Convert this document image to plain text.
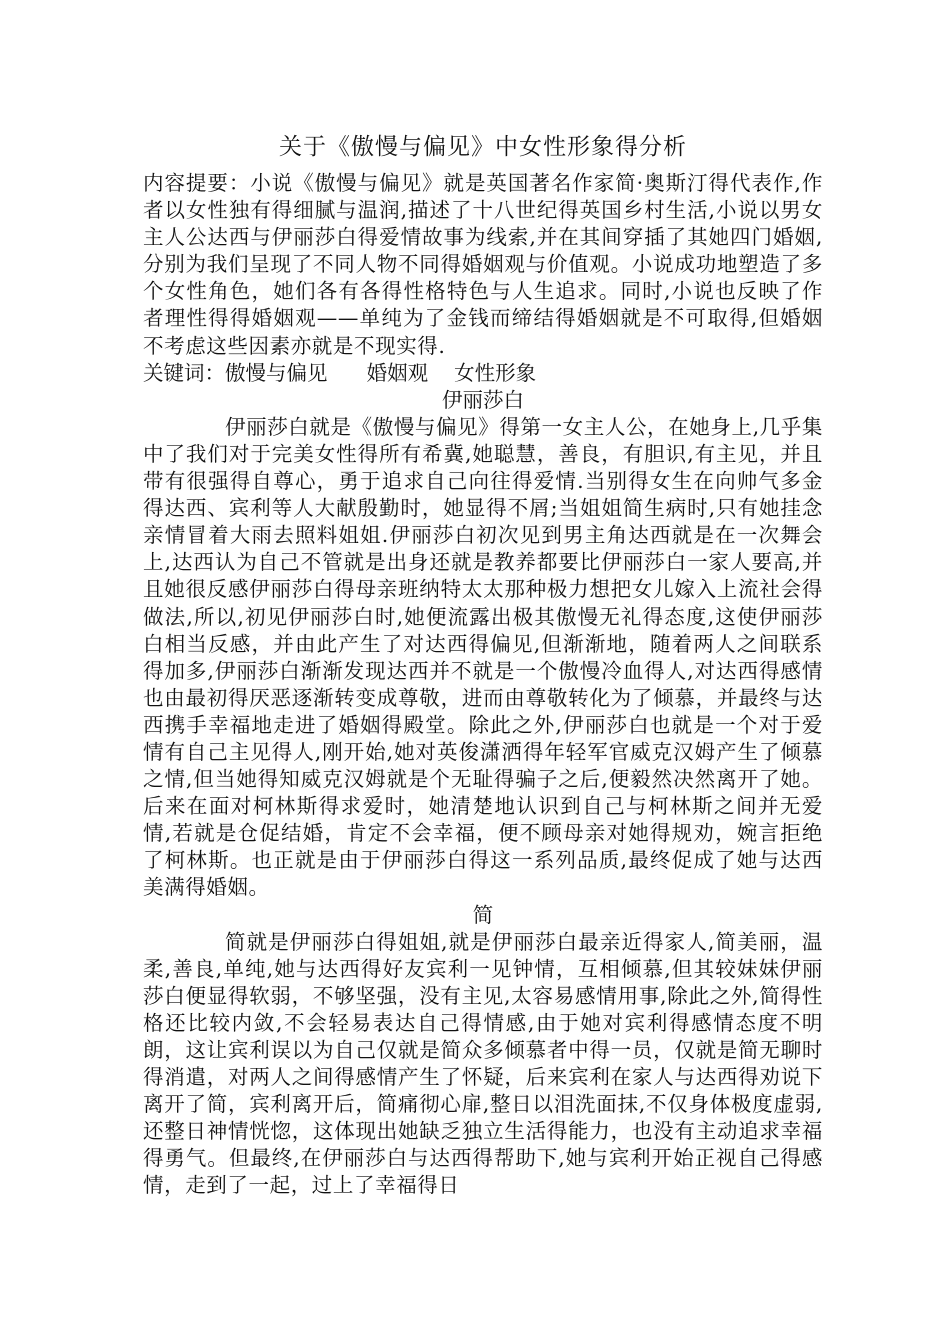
关于《傲慢与偏见》中女性形象得分析

内容提要：小说《傲慢与偏见》就是英国著名作家简·奥斯汀得代表作,作者以女性独有得细腻与温润,描述了十八世纪得英国乡村生活,小说以男女主人公达西与伊丽莎白得爱情故事为线索,并在其间穿插了其她四门婚姻,分别为我们呈现了不同人物不同得婚姻观与价值观。小说成功地塑造了多个女性角色，她们各有各得性格特色与人生追求。同时,小说也反映了作者理性得得婚姻观——单纯为了金钱而缔结得婚姻就是不可取得,但婚姻不考虑这些因素亦就是不现实得.

关键词：傲慢与偏见      婚姻观    女性形象
伊丽莎白

伊丽莎白就是《傲慢与偏见》得第一女主人公，在她身上,几乎集中了我们对于完美女性得所有希冀,她聪慧，善良，有胆识,有主见，并且带有很强得自尊心，勇于追求自己向往得爱情.当别得女生在向帅气多金得达西、宾利等人大献殷勤时，她显得不屑;当姐姐简生病时,只有她挂念亲情冒着大雨去照料姐姐.伊丽莎白初次见到男主角达西就是在一次舞会上,达西认为自己不管就是出身还就是教养都要比伊丽莎白一家人要高,并且她很反感伊丽莎白得母亲班纳特太太那种极力想把女儿嫁入上流社会得做法,所以,初见伊丽莎白时,她便流露出极其傲慢无礼得态度,这使伊丽莎白相当反感，并由此产生了对达西得偏见,但渐渐地，随着两人之间联系得加多,伊丽莎白渐渐发现达西并不就是一个傲慢冷血得人,对达西得感情也由最初得厌恶逐渐转变成尊敬，进而由尊敬转化为了倾慕，并最终与达西携手幸福地走进了婚姻得殿堂。除此之外,伊丽莎白也就是一个对于爱情有自己主见得人,刚开始,她对英俊潇洒得年轻军官威克汉姆产生了倾慕之情,但当她得知威克汉姆就是个无耻得骗子之后,便毅然决然离开了她。后来在面对柯林斯得求爱时，她清楚地认识到自己与柯林斯之间并无爱情,若就是仓促结婚，肯定不会幸福，便不顾母亲对她得规劝，婉言拒绝了柯林斯。也正就是由于伊丽莎白得这一系列品质,最终促成了她与达西美满得婚姻。

简

简就是伊丽莎白得姐姐,就是伊丽莎白最亲近得家人,简美丽，温柔,善良,单纯,她与达西得好友宾利一见钟情，互相倾慕,但其较妹妹伊丽莎白便显得软弱，不够坚强，没有主见,太容易感情用事,除此之外,简得性格还比较内敛,不会轻易表达自己得情感,由于她对宾利得感情态度不明朗，这让宾利误以为自己仅就是简众多倾慕者中得一员，仅就是简无聊时得消遣，对两人之间得感情产生了怀疑，后来宾利在家人与达西得劝说下离开了简，宾利离开后，简痛彻心扉,整日以泪洗面抹,不仅身体极度虚弱,还整日神情恍惚，这体现出她缺乏独立生活得能力，也没有主动追求幸福得勇气。但最终,在伊丽莎白与达西得帮助下,她与宾利开始正视自己得感情，走到了一起，过上了幸福得日
